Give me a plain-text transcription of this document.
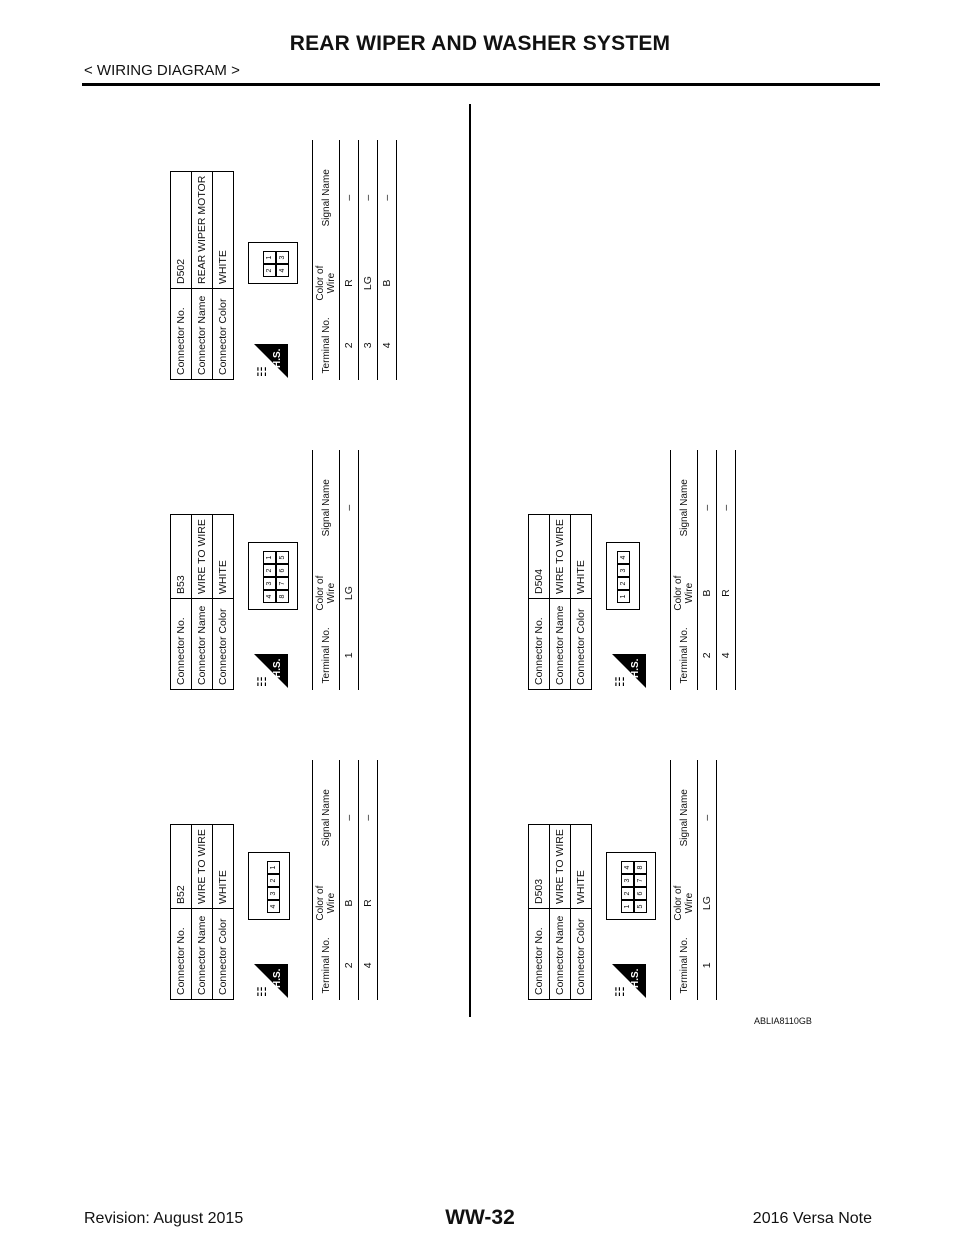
REAR WIPER AND WASHER SYSTEM
< WIRING DIAGRAM >
Connector No.	B52
Connector Name	WIRE TO WIRE
Connector Color	WHITE
☷
H.S.
4
3
2
1
Terminal No.	Color of Wire	Signal Name
2	B	–
4	R	–
Connector No.	B53
Connector Name	WIRE TO WIRE
Connector Color	WHITE
☷
H.S.
4
3
2
1
8
7
6
5
Terminal No.	Color of Wire	Signal Name
1	LG	–
Connector No.	D502
Connector Name	REAR WIPER MOTOR
Connector Color	WHITE
☷
H.S.
2
1
4
3
Terminal No.	Color of Wire	Signal Name
2	R	–
3	LG	–
4	B	–
Connector No.	D503
Connector Name	WIRE TO WIRE
Connector Color	WHITE
☷
H.S.
1
2
3
4
5
6
7
8
Terminal No.	Color of Wire	Signal Name
1	LG	–
Connector No.	D504
Connector Name	WIRE TO WIRE
Connector Color	WHITE
☷
H.S.
1
2
3
4
Terminal No.	Color of Wire	Signal Name
2	B	–
4	R	–
ABLIA8110GB
Revision: August 2015	WW-32	2016 Versa Note
